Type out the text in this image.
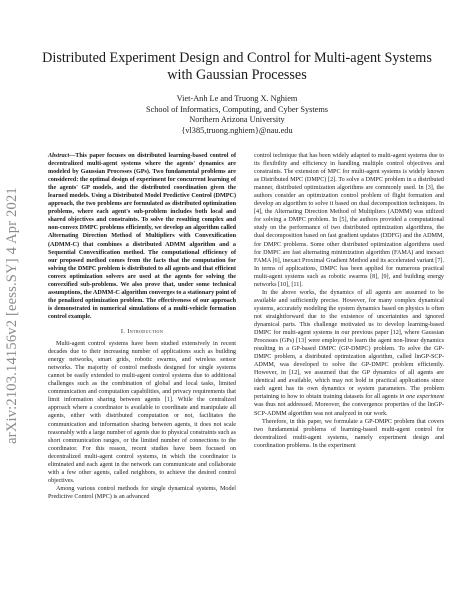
arXiv:2103.14156v2 [eess.SY] 4 Apr 2021
Distributed Experiment Design and Control for Multi-agent Systems with Gaussian Processes
Viet-Anh Le and Truong X. Nghiem
School of Informatics, Computing, and Cyber Systems
Northern Arizona University
{vl385,truong.nghiem}@nau.edu

Abstract—This paper focuses on distributed learning-based control of decentralized multi-agent systems where the agents' dynamics are modeled by Gaussian Processes (GPs). Two fundamental problems are considered: the optimal design of experiment for concurrent learning of the agents' GP models, and the distributed coordination given the learned models. Using a Distributed Model Predictive Control (DMPC) approach, the two problems are formulated as distributed optimization problems, where each agent's sub-problem includes both local and shared objectives and constraints. To solve the resulting complex and non-convex DMPC problems efficiently, we develop an algorithm called Alternating Direction Method of Multipliers with Convexification (ADMM-C) that combines a distributed ADMM algorithm and a Sequential Convexification method. The computational efficiency of our proposed method comes from the facts that the computation for solving the DMPC problem is distributed to all agents and that efficient convex optimization solvers are used at the agents for solving the convexified sub-problems. We also prove that, under some technical assumptions, the ADMM-C algorithm converges to a stationary point of the penalized optimization problem. The effectiveness of our approach is demonstrated in numerical simulations of a multi-vehicle formation control example.

I. Introduction

Multi-agent control systems have been studied extensively in recent decades due to their increasing number of applications such as building energy networks, smart grids, robotic swarms, and wireless sensor networks. The majority of control methods designed for single systems cannot be easily extended to multi-agent control systems due to additional challenges such as the combination of global and local tasks, limited communication and computation capabilities, and privacy requirements that limit information sharing between agents [1]. While the centralized approach where a coordinator is available to coordinate and manipulate all agents, either with distributed computation or not, facilitates the communication and information sharing between agents, it does not scale reasonably with a large number of agents due to physical constraints such as short communication ranges, or the limited number of connections to the coordinator. For this reason, recent studies have been focused on decentralized multi-agent control systems, in which the coordinator is eliminated and each agent in the network can communicate and collaborate with a few other agents, called neighbors, to achieve the desired control objectives.

Among various control methods for single dynamical systems, Model Predictive Control (MPC) is an advanced

control technique that has been widely adapted to multi-agent systems due to its flexibility and efficiency in handling multiple control objectives and constraints. The extension of MPC for multi-agent systems is widely known as Distributed MPC (DMPC) [2]. To solve a DMPC problem in a distributed manner, distributed optimization algorithms are commonly used. In [3], the authors consider an optimization control problem of flight formation and develop an algorithm to solve it based on dual decomposition techniques. In [4], the Alternating Direction Method of Multipliers (ADMM) was utilized for solving a DMPC problem. In [5], the authors provided a computational study on the performance of two distributed optimization algorithms, the dual decomposition based on fast gradient updates (DDFG) and the ADMM, for DMPC problems. Some other distributed optimization algorithms used for DMPC are fast alternating minimization algorithm (FAMA) and inexact FAMA [6], inexact Proximal Gradient Method and its accelerated variant [7]. In terms of applications, DMPC has been applied for numerous practical multi-agent systems such as robotic swarms [8], [9], and building energy networks [10], [11].

In the above works, the dynamics of all agents are assumed to be available and sufficiently precise. However, for many complex dynamical systems, accurately modeling the system dynamics based on physics is often not straightforward due to the existence of uncertainties and ignored dynamical parts. This challenge motivated us to develop learning-based DMPC for multi-agent systems in our previous paper [12], where Gaussian Processes (GPs) [13] were employed to learn the agent non-linear dynamics resulting in a GP-based DMPC (GP-DMPC) problem. To solve the GP-DMPC problem, a distributed optimization algorithm, called linGP-SCP-ADMM, was developed to solve the GP-DMPC problem efficiently. However, in [12], we assumed that the GP dynamics of all agents are identical and available, which may not hold in practical applications since each agent has its own dynamics or system parameters. The problem pertaining to how to obtain training datasets for all agents in one experiment was thus not addressed. Moreover, the convergence properties of the linGP-SCP-ADMM algorithm was not analyzed in our work.

Therefore, in this paper, we formulate a GP-DMPC problem that covers two fundamental problems of learning-based multi-agent control for decentralized multi-agent systems, namely experiment design and coordination problems. In the experiment
